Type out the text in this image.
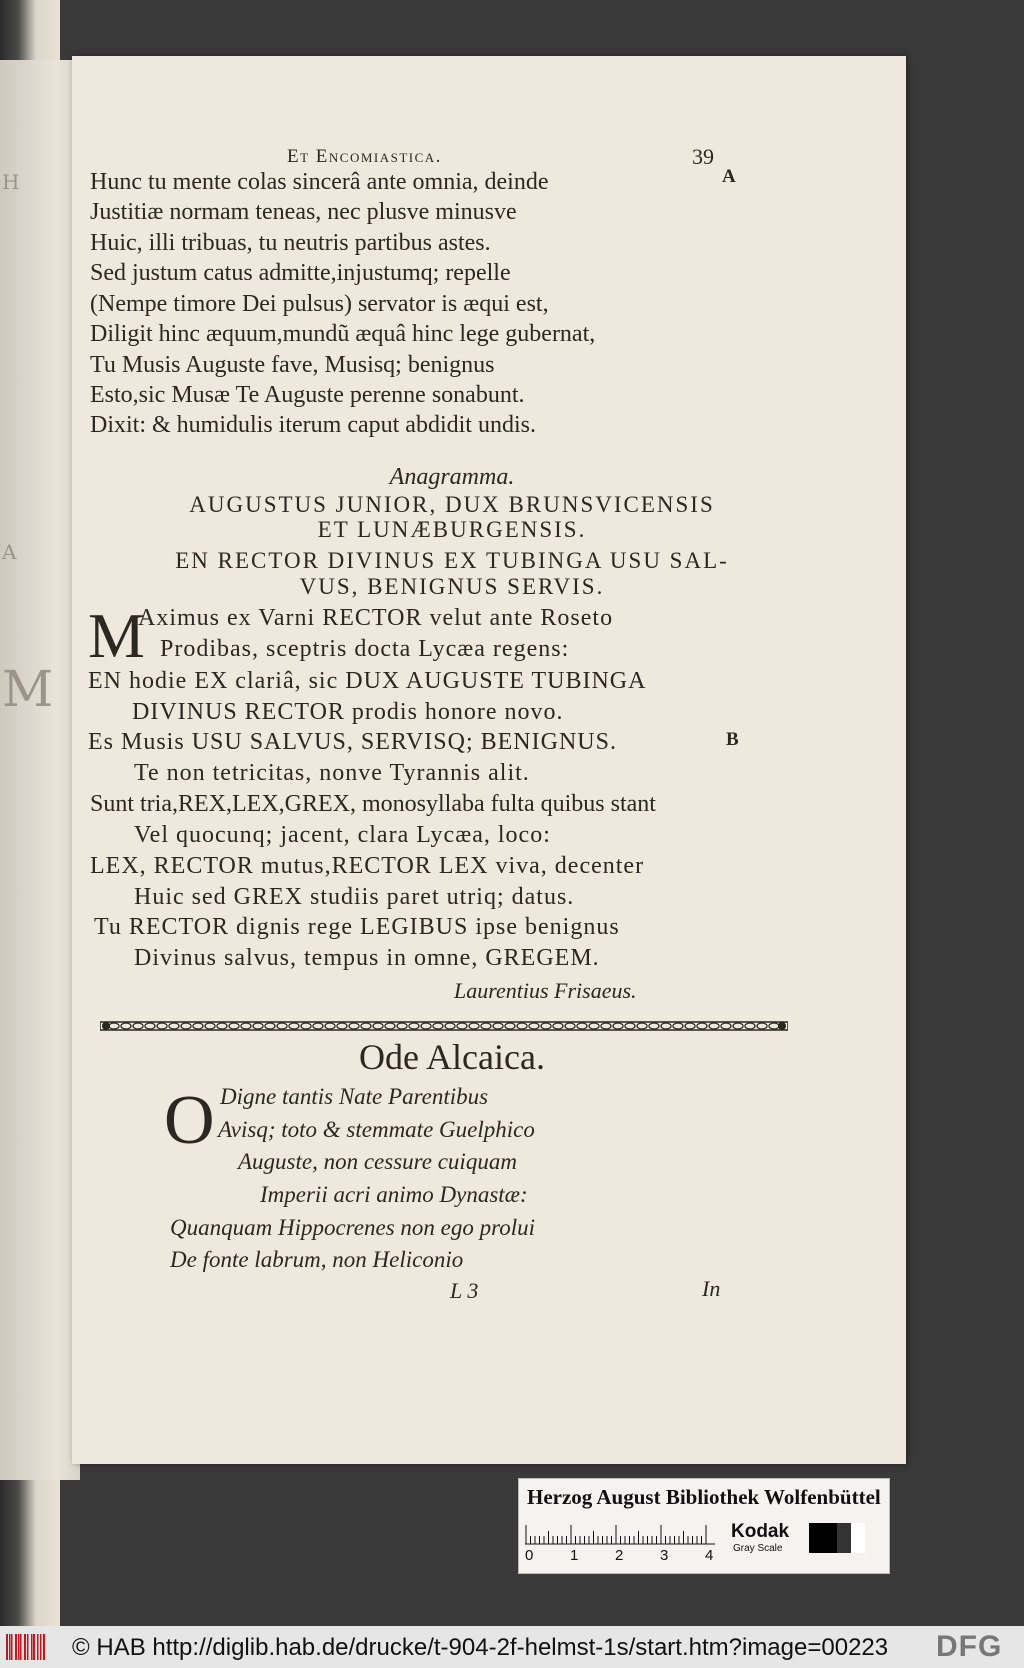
H
A
M
Et Encomiastica.	39
A
Hunc tu mente colas sincerâ ante omnia, deinde
Justitiæ normam teneas, nec plusve minusve
Huic, illi tribuas, tu neutris partibus astes.
Sed justum catus admitte,injustumq; repelle
(Nempe timore Dei pulsus) servator is æqui est,
Diligit hinc æquum,mundũ æquâ hinc lege gubernat,
Tu Musis Auguste fave, Musisq; benignus
Esto,sic Musæ Te Auguste perenne sonabunt.
Dixit: & humidulis iterum caput abdidit undis.
Anagramma.
AUGUSTUS JUNIOR, DUX BRUNSVICENSIS
ET LUNÆBURGENSIS.
EN RECTOR DIVINUS EX TUBINGA USU SAL-
VUS, BENIGNUS SERVIS.
M
Aximus ex Varni RECTOR velut ante Roseto
Prodibas, sceptris docta Lycæa regens:
EN hodie EX clariâ, sic DUX AUGUSTE TUBINGA
DIVINUS RECTOR prodis honore novo.
Es Musis USU SALVUS, SERVISQ; BENIGNUS.	B
Te non tetricitas, nonve Tyrannis alit.
Sunt tria,REX,LEX,GREX, monosyllaba fulta quibus stant
Vel quocunq; jacent, clara Lycæa, loco:
LEX, RECTOR mutus,RECTOR LEX viva, decenter
Huic sed GREX studiis paret utriq; datus.
Tu RECTOR dignis rege LEGIBUS ipse benignus
Divinus salvus, tempus in omne, GREGEM.
Laurentius Frisaeus.
Ode Alcaica.
O Digne tantis Nate Parentibus
Avisq; toto & stemmate Guelphico
Auguste, non cessure cuiquam
Imperii acri animo Dynastæ:
Quanquam Hippocrenes non ego prolui
De fonte labrum, non Heliconio
L 3	In
Herzog August Bibliothek Wolfenbüttel
0 1 2 3 4
Kodak
Gray Scale
© HAB http://diglib.hab.de/drucke/t-904-2f-helmst-1s/start.htm?image=00223 DFG
